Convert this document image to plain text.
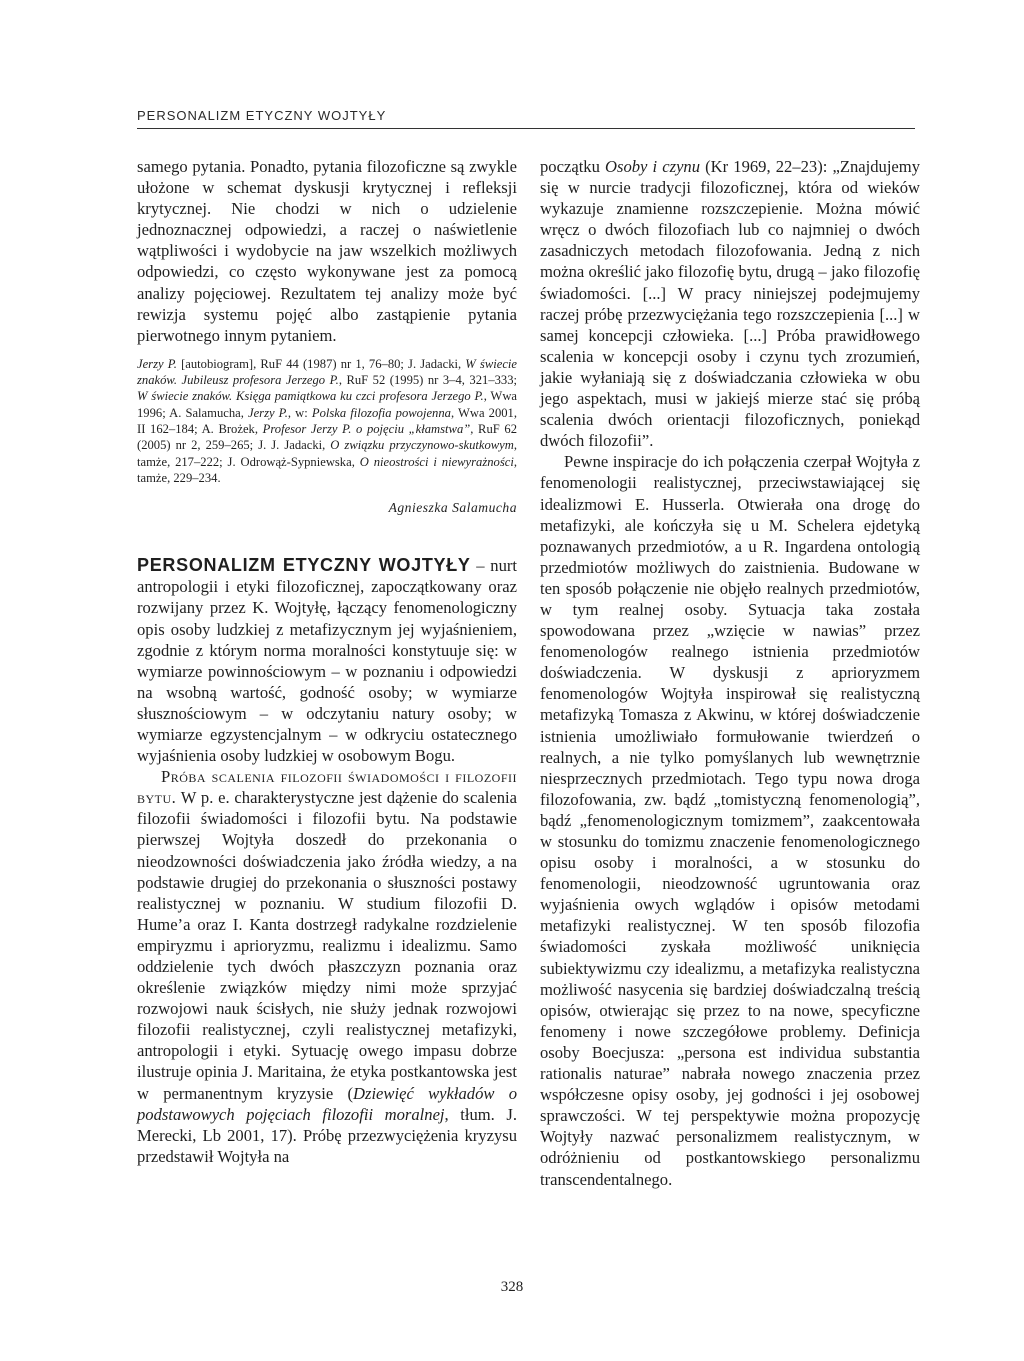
PERSONALIZM ETYCZNY WOJTYŁY

samego pytania. Ponadto, pytania filozoficzne są zwykle ułożone w schemat dyskusji krytycznej i refleksji krytycznej. Nie chodzi w nich o udzielenie jednoznacznej odpowiedzi, a raczej o naświetlenie wątpliwości i wydobycie na jaw wszelkich możliwych odpowiedzi, co często wykonywane jest za pomocą analizy pojęciowej. Rezultatem tej analizy może być rewizja systemu pojęć albo zastąpienie pytania pierwotnego innym pytaniem.

Jerzy P. [autobiogram], RuF 44 (1987) nr 1, 76–80; J. Jadacki, W świecie znaków. Jubileusz profesora Jerzego P., RuF 52 (1995) nr 3–4, 321–333; W świecie znaków. Księga pamiątkowa ku czci profesora Jerzego P., Wwa 1996; A. Salamucha, Jerzy P., w: Polska filozofia powojenna, Wwa 2001, II 162–184; A. Brożek, Profesor Jerzy P. o pojęciu „kłamstwa”, RuF 62 (2005) nr 2, 259–265; J. J. Jadacki, O związku przyczynowo-skutkowym, tamże, 217–222; J. Odrowąż-Sypniewska, O nieostrości i niewyrażności, tamże, 229–234.

Agnieszka Salamucha

PERSONALIZM ETYCZNY WOJTYŁY – nurt antropologii i etyki filozoficznej, zapoczątkowany oraz rozwijany przez K. Wojtyłę, łączący fenomenologiczny opis osoby ludzkiej z metafizycznym jej wyjaśnieniem, zgodnie z którym norma moralności konstytuuje się: w wymiarze powinnościowym – w poznaniu i odpowiedzi na wsobną wartość, godność osoby; w wymiarze słusznościowym – w odczytaniu natury osoby; w wymiarze egzystencjalnym – w odkryciu ostatecznego wyjaśnienia osoby ludzkiej w osobowym Bogu.

Próba scalenia filozofii świadomości i filozofii bytu. W p. e. charakterystyczne jest dążenie do scalenia filozofii świadomości i filozofii bytu. Na podstawie pierwszej Wojtyła doszedł do przekonania o nieodzowności doświadczenia jako źródła wiedzy, a na podstawie drugiej do przekonania o słuszności postawy realistycznej w poznaniu. W studium filozofii D. Hume’a oraz I. Kanta dostrzegł radykalne rozdzielenie empiryzmu i aprioryzmu, realizmu i idealizmu. Samo oddzielenie tych dwóch płaszczyzn poznania oraz określenie związków między nimi może sprzyjać rozwojowi nauk ścisłych, nie służy jednak rozwojowi filozofii realistycznej, czyli realistycznej metafizyki, antropologii i etyki. Sytuację owego impasu dobrze ilustruje opinia J. Maritaina, że etyka postkantowska jest w permanentnym kryzysie (Dziewięć wykładów o podstawowych pojęciach filozofii moralnej, tłum. J. Merecki, Lb 2001, 17). Próbę przezwyciężenia kryzysu przedstawił Wojtyła na

początku Osoby i czynu (Kr 1969, 22–23): „Znajdujemy się w nurcie tradycji filozoficznej, która od wieków wykazuje znamienne rozszczepienie. Można mówić wręcz o dwóch filozofiach lub co najmniej o dwóch zasadniczych metodach filozofowania. Jedną z nich można określić jako filozofię bytu, drugą – jako filozofię świadomości. [...] W pracy niniejszej podejmujemy raczej próbę przezwyciężania tego rozszczepienia [...] w samej koncepcji człowieka. [...] Próba prawidłowego scalenia w koncepcji osoby i czynu tych zrozumień, jakie wyłaniają się z doświadczania człowieka w obu jego aspektach, musi w jakiejś mierze stać się próbą scalenia dwóch orientacji filozoficznych, poniekąd dwóch filozofii”.

Pewne inspiracje do ich połączenia czerpał Wojtyła z fenomenologii realistycznej, przeciwstawiającej się idealizmowi E. Husserla. Otwierała ona drogę do metafizyki, ale kończyła się u M. Schelera ejdetyką poznawanych przedmiotów, a u R. Ingardena ontologią przedmiotów możliwych do zaistnienia. Budowane w ten sposób połączenie nie objęło realnych przedmiotów, w tym realnej osoby. Sytuacja taka została spowodowana przez „wzięcie w nawias” przez fenomenologów realnego istnienia przedmiotów doświadczenia. W dyskusji z aprioryzmem fenomenologów Wojtyła inspirował się realistyczną metafizyką Tomasza z Akwinu, w której doświadczenie istnienia umożliwiało formułowanie twierdzeń o realnych, a nie tylko pomyślanych lub wewnętrznie niesprzecznych przedmiotach. Tego typu nowa droga filozofowania, zw. bądź „tomistyczną fenomenologią”, bądź „fenomenologicznym tomizmem”, zaakcentowała w stosunku do tomizmu znaczenie fenomenologicznego opisu osoby i moralności, a w stosunku do fenomenologii, nieodzowność ugruntowania oraz wyjaśnienia owych wglądów i opisów metodami metafizyki realistycznej. W ten sposób filozofia świadomości zyskała możliwość uniknięcia subiektywizmu czy idealizmu, a metafizyka realistyczna możliwość nasycenia się bardziej doświadczalną treścią opisów, otwierając się przez to na nowe, specyficzne fenomeny i nowe szczegółowe problemy. Definicja osoby Boecjusza: „persona est individua substantia rationalis naturae” nabrała nowego znaczenia przez współczesne opisy osoby, jej godności i jej osobowej sprawczości. W tej perspektywie można propozycję Wojtyły nazwać personalizmem realistycznym, w odróżnieniu od postkantowskiego personalizmu transcendentalnego.

328
